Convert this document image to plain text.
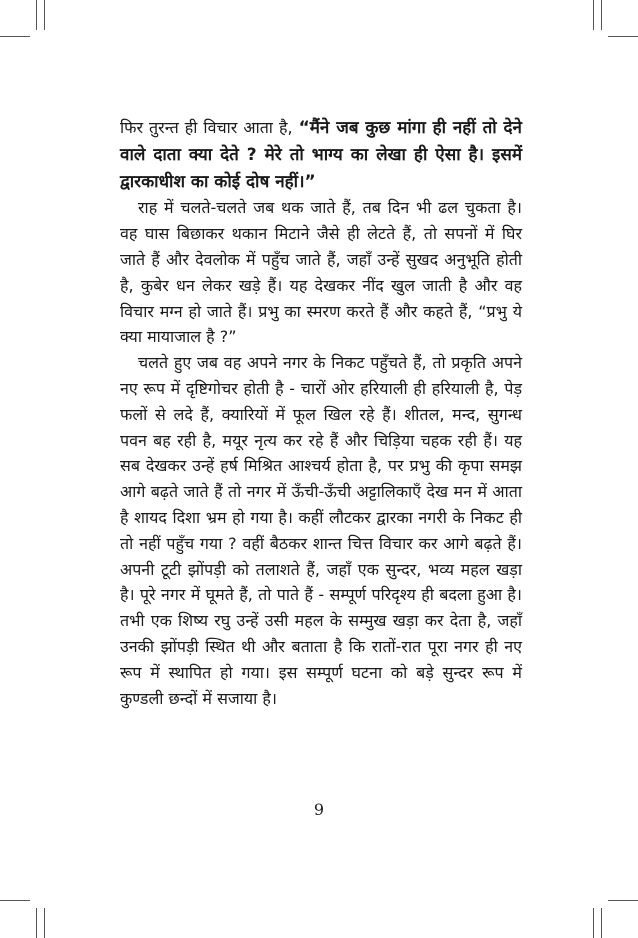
फिर तुरन्त ही विचार आता है, “मैंने जब कुछ मांगा ही नहीं तो देने वाले दाता क्या देते ? मेरे तो भाग्य का लेखा ही ऐसा है। इसमें द्वारकाधीश का कोई दोष नहीं।”

राह में चलते-चलते जब थक जाते हैं, तब दिन भी ढल चुकता है। वह घास बिछाकर थकान मिटाने जैसे ही लेटते हैं, तो सपनों में घिर जाते हैं और देवलोक में पहुँच जाते हैं, जहाँ उन्हें सुखद अनुभूति होती है, कुबेर धन लेकर खड़े हैं। यह देखकर नींद खुल जाती है और वह विचार मग्न हो जाते हैं। प्रभु का स्मरण करते हैं और कहते हैं, “प्रभु ये क्या मायाजाल है ?”

चलते हुए जब वह अपने नगर के निकट पहुँचते हैं, तो प्रकृति अपने नए रूप में दृष्टिगोचर होती है - चारों ओर हरियाली ही हरियाली है, पेड़ फलों से लदे हैं, क्यारियों में फूल खिल रहे हैं। शीतल, मन्द, सुगन्ध पवन बह रही है, मयूर नृत्य कर रहे हैं और चिड़िया चहक रही हैं। यह सब देखकर उन्हें हर्ष मिश्रित आश्चर्य होता है, पर प्रभु की कृपा समझ आगे बढ़ते जाते हैं तो नगर में ऊँची-ऊँची अट्टालिकाएँ देख मन में आता है शायद दिशा भ्रम हो गया है। कहीं लौटकर द्वारका नगरी के निकट ही तो नहीं पहुँच गया ? वहीं बैठकर शान्त चित्त विचार कर आगे बढ़ते हैं। अपनी टूटी झोंपड़ी को तलाशते हैं, जहाँ एक सुन्दर, भव्य महल खड़ा है। पूरे नगर में घूमते हैं, तो पाते हैं - सम्पूर्ण परिदृश्य ही बदला हुआ है। तभी एक शिष्य रघु उन्हें उसी महल के सम्मुख खड़ा कर देता है, जहाँ उनकी झोंपड़ी स्थित थी और बताता है कि रातों-रात पूरा नगर ही नए रूप में स्थापित हो गया। इस सम्पूर्ण घटना को बड़े सुन्दर रूप में कुण्डली छन्दों में सजाया है।

9
